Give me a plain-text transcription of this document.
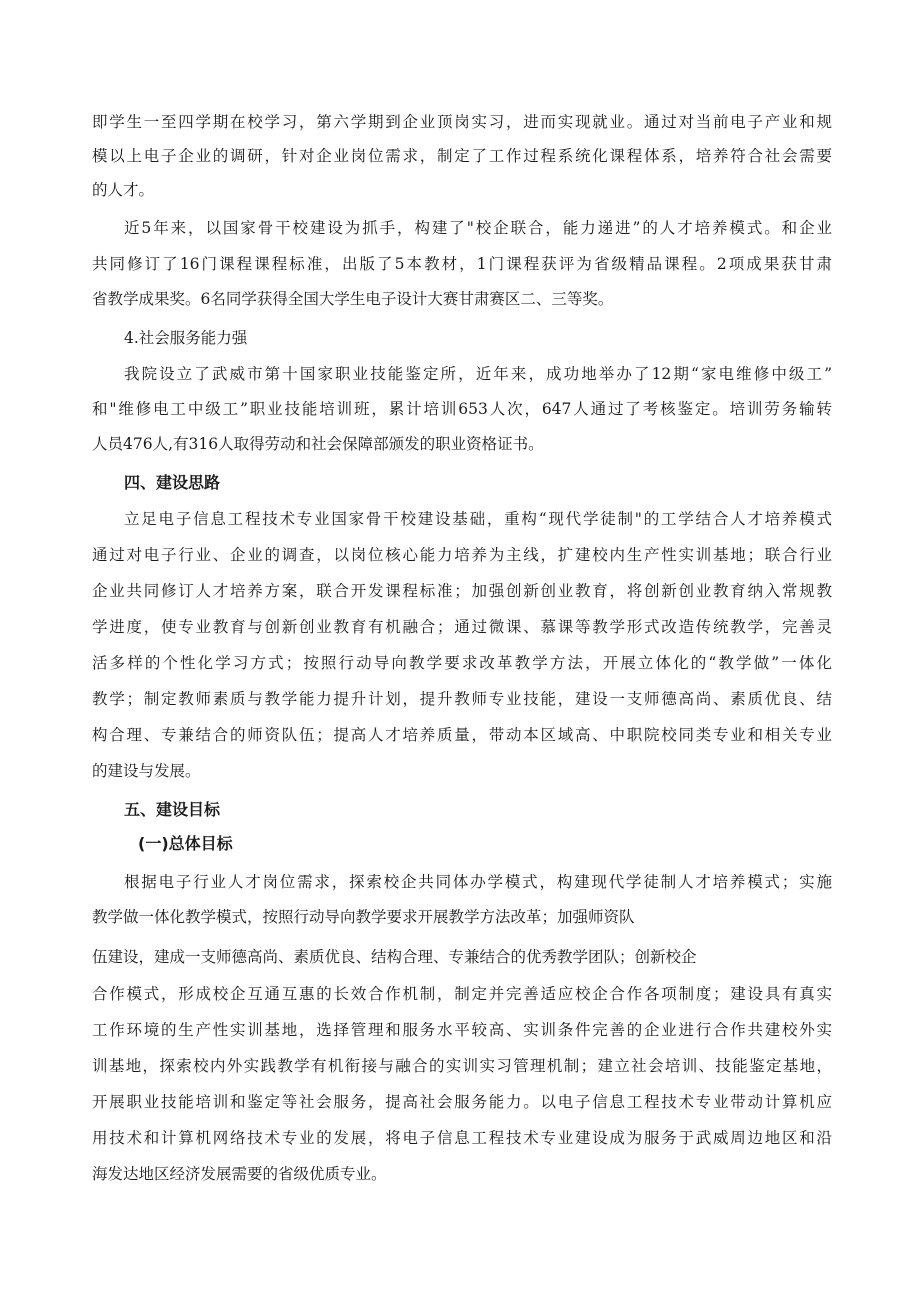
即学生一至四学期在校学习，第六学期到企业顶岗实习，进而实现就业。通过对当前电子产业和规
模以上电子企业的调研，针对企业岗位需求，制定了工作过程系统化课程体系，培养符合社会需要
的人才。
近5年来，以国家骨干校建设为抓手，构建了"校企联合，能力递进”的人才培养模式。和企业
共同修订了16门课程课程标准，出版了5本教材，1门课程获评为省级精品课程。2项成果获甘肃
省教学成果奖。6名同学获得全国大学生电子设计大赛甘肃赛区二、三等奖。
4.社会服务能力强
我院设立了武威市第十国家职业技能鉴定所，近年来，成功地举办了12期“家电维修中级工”
和"维修电工中级工”职业技能培训班，累计培训653人次，647人通过了考核鉴定。培训劳务输转
人员476人,有316人取得劳动和社会保障部颁发的职业资格证书。
四、建设思路
立足电子信息工程技术专业国家骨干校建设基础，重构“现代学徒制"的工学结合人才培养模式
通过对电子行业、企业的调查，以岗位核心能力培养为主线，扩建校内生产性实训基地；联合行业
企业共同修订人才培养方案，联合开发课程标准；加强创新创业教育，将创新创业教育纳入常规教
学进度，使专业教育与创新创业教育有机融合；通过微课、慕课等教学形式改造传统教学，完善灵
活多样的个性化学习方式；按照行动导向教学要求改革教学方法，开展立体化的“教学做”一体化
教学；制定教师素质与教学能力提升计划，提升教师专业技能，建设一支师德高尚、素质优良、结
构合理、专兼结合的师资队伍；提高人才培养质量，带动本区域高、中职院校同类专业和相关专业
的建设与发展。
五、建设目标
(一)总体目标
根据电子行业人才岗位需求，探索校企共同体办学模式，构建现代学徒制人才培养模式；实施
教学做一体化教学模式，按照行动导向教学要求开展教学方法改革；加强师资队
伍建设，建成一支师德高尚、素质优良、结构合理、专兼结合的优秀教学团队；创新校企
合作模式，形成校企互通互惠的长效合作机制，制定并完善适应校企合作各项制度；建设具有真实
工作环境的生产性实训基地，选择管理和服务水平较高、实训条件完善的企业进行合作共建校外实
训基地，探索校内外实践教学有机衔接与融合的实训实习管理机制；建立社会培训、技能鉴定基地，
开展职业技能培训和鉴定等社会服务，提高社会服务能力。以电子信息工程技术专业带动计算机应
用技术和计算机网络技术专业的发展，将电子信息工程技术专业建设成为服务于武威周边地区和沿
海发达地区经济发展需要的省级优质专业。
